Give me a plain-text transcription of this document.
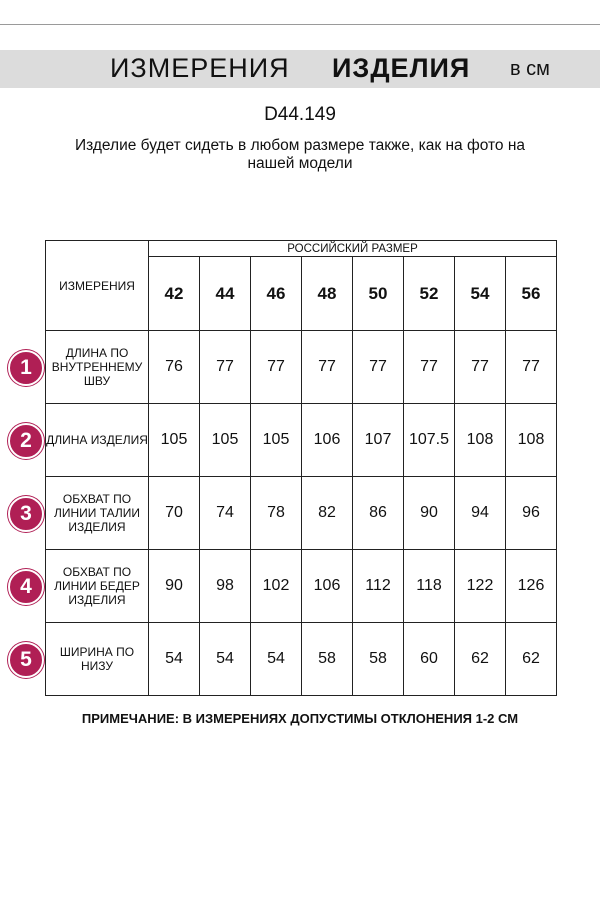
ИЗМЕРЕНИЯ ИЗДЕЛИЯ в см
D44.149
Изделие будет сидеть в любом размере также, как на фото на нашей модели
ИЗМЕРЕНИЯ	РОССИЙСКИЙ РАЗМЕР							
	42	44	46	48	50	52	54	56
ДЛИНА ПО ВНУТРЕННЕМУ ШВУ	76	77	77	77	77	77	77	77
ДЛИНА ИЗДЕЛИЯ	105	105	105	106	107	107.5	108	108
ОБХВАТ ПО ЛИНИИ ТАЛИИ ИЗДЕЛИЯ	70	74	78	82	86	90	94	96
ОБХВАТ ПО ЛИНИИ БЕДЕР ИЗДЕЛИЯ	90	98	102	106	112	118	122	126
ШИРИНА ПО НИЗУ	54	54	54	58	58	60	62	62
1
2
3
4
5
ПРИМЕЧАНИЕ: В ИЗМЕРЕНИЯХ ДОПУСТИМЫ ОТКЛОНЕНИЯ 1-2 СМ
